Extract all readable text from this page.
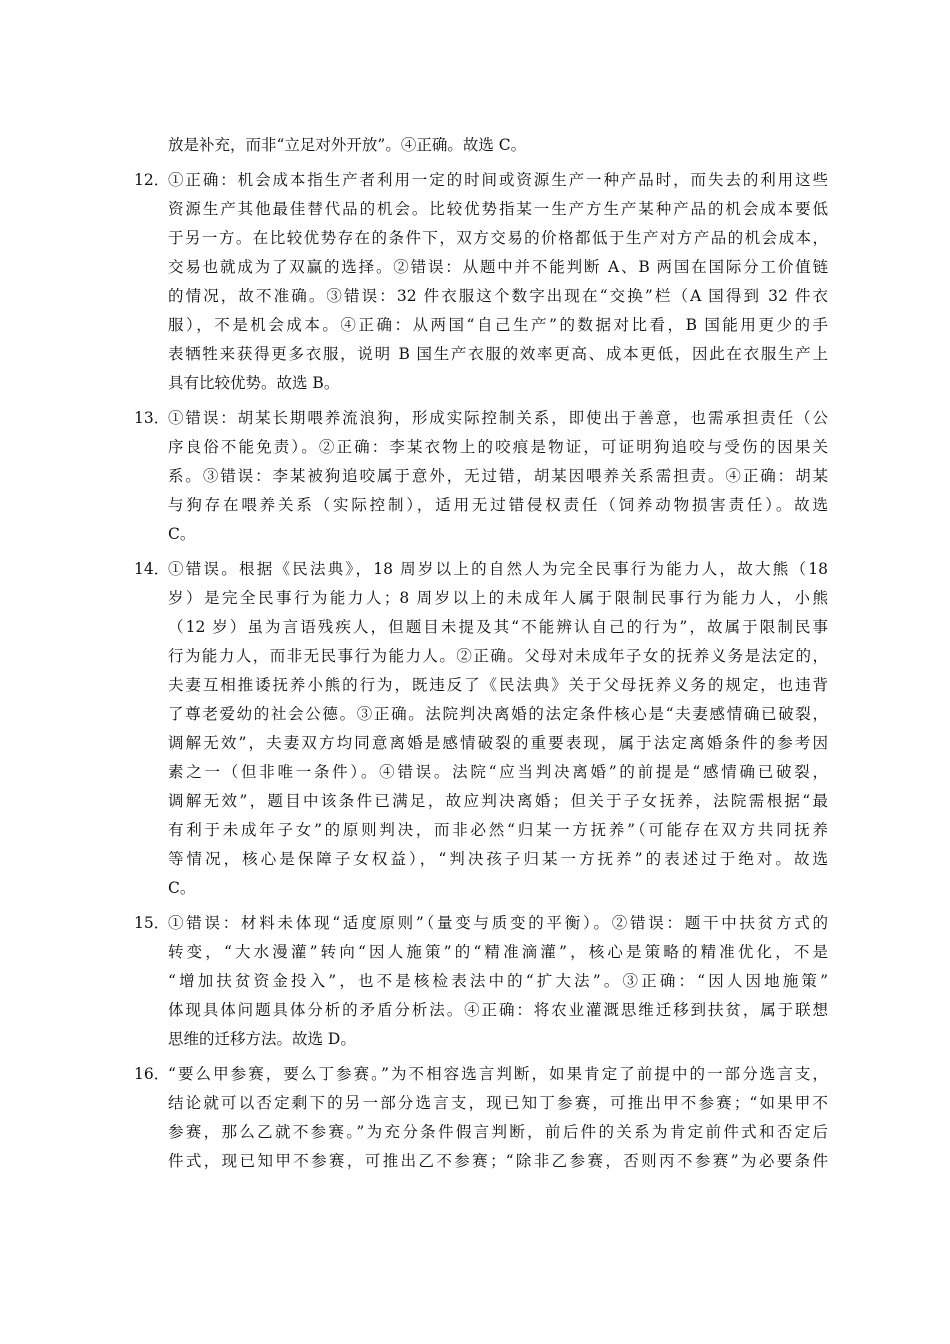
放是补充，而非“立足对外开放”。④正确。故选 C。
12．
①正确：机会成本指生产者利用一定的时间或资源生产一种产品时，而失去的利用这些
资源生产其他最佳替代品的机会。比较优势指某一生产方生产某种产品的机会成本要低
于另一方。在比较优势存在的条件下，双方交易的价格都低于生产对方产品的机会成本，
交易也就成为了双赢的选择。②错误：从题中并不能判断 A、B 两国在国际分工价值链
的情况，故不准确。③错误：32 件衣服这个数字出现在“交换”栏（A 国得到 32 件衣
服），不是机会成本。④正确：从两国“自己生产”的数据对比看，B 国能用更少的手
表牺牲来获得更多衣服，说明 B 国生产衣服的效率更高、成本更低，因此在衣服生产上
具有比较优势。故选 B。
13．
①错误：胡某长期喂养流浪狗，形成实际控制关系，即使出于善意，也需承担责任（公
序良俗不能免责）。②正确：李某衣物上的咬痕是物证，可证明狗追咬与受伤的因果关
系。③错误：李某被狗追咬属于意外，无过错，胡某因喂养关系需担责。④正确：胡某
与狗存在喂养关系（实际控制），适用无过错侵权责任（饲养动物损害责任）。故选
C。
14．
①错误。根据《民法典》，18 周岁以上的自然人为完全民事行为能力人，故大熊（18
岁）是完全民事行为能力人；8 周岁以上的未成年人属于限制民事行为能力人，小熊
（12 岁）虽为言语残疾人，但题目未提及其“不能辨认自己的行为”，故属于限制民事
行为能力人，而非无民事行为能力人。②正确。父母对未成年子女的抚养义务是法定的，
夫妻互相推诿抚养小熊的行为，既违反了《民法典》关于父母抚养义务的规定，也违背
了尊老爱幼的社会公德。③正确。法院判决离婚的法定条件核心是“夫妻感情确已破裂，
调解无效”，夫妻双方均同意离婚是感情破裂的重要表现，属于法定离婚条件的参考因
素之一（但非唯一条件）。④错误。法院“应当判决离婚”的前提是“感情确已破裂，
调解无效”，题目中该条件已满足，故应判决离婚；但关于子女抚养，法院需根据“最
有利于未成年子女”的原则判决，而非必然“归某一方抚养”（可能存在双方共同抚养
等情况，核心是保障子女权益），“判决孩子归某一方抚养”的表述过于绝对。故选
C。
15．
①错误：材料未体现“适度原则”（量变与质变的平衡）。②错误：题干中扶贫方式的
转变，“大水漫灌”转向“因人施策”的“精准滴灌”，核心是策略的精准优化，不是
“增加扶贫资金投入”，也不是核检表法中的“扩大法”。③正确：“因人因地施策”
体现具体问题具体分析的矛盾分析法。④正确：将农业灌溉思维迁移到扶贫，属于联想
思维的迁移方法。故选 D。
16．
“要么甲参赛，要么丁参赛。”为不相容选言判断，如果肯定了前提中的一部分选言支，
结论就可以否定剩下的另一部分选言支，现已知丁参赛，可推出甲不参赛；“如果甲不
参赛，那么乙就不参赛。”为充分条件假言判断，前后件的关系为肯定前件式和否定后
件式，现已知甲不参赛，可推出乙不参赛；“除非乙参赛，否则丙不参赛”为必要条件
